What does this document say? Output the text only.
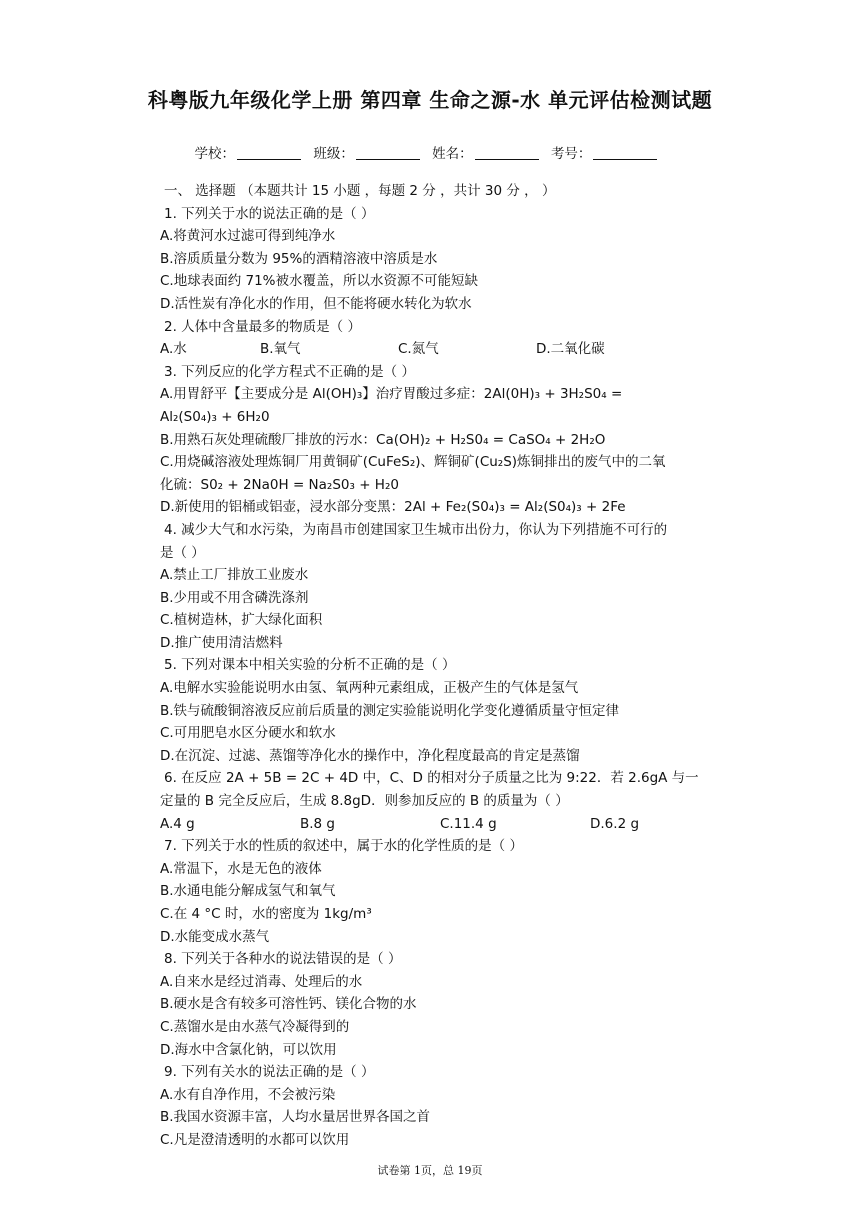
科粤版九年级化学上册 第四章 生命之源-水 单元评估检测试题
学校：	班级：	姓名：	考号：
一、 选择题 （本题共计 15 小题 ，每题 2 分 ，共计 30 分 ， ）
1. 下列关于水的说法正确的是（ ）
A.将黄河水过滤可得到纯净水
B.溶质质量分数为 95%的酒精溶液中溶质是水
C.地球表面约 71%被水覆盖，所以水资源不可能短缺
D.活性炭有净化水的作用，但不能将硬水转化为软水
2. 人体中含量最多的物质是（ ）
A.水	B.氧气	C.氮气	D.二氧化碳
3. 下列反应的化学方程式不正确的是（ ）
A.用胃舒平【主要成分是 Al(OH)₃】治疗胃酸过多症：2Al(0H)₃ + 3H₂S0₄ =
Al₂(S0₄)₃ + 6H₂0
B.用熟石灰处理硫酸厂排放的污水：Ca(OH)₂ + H₂S0₄ = CaSO₄ + 2H₂O
C.用烧碱溶液处理炼铜厂用黄铜矿(CuFeS₂)、辉铜矿(Cu₂S)炼铜排出的废气中的二氧
化硫：S0₂ + 2Na0H = Na₂S0₃ + H₂0
D.新使用的铝桶或铝壶，浸水部分变黑：2Al + Fe₂(S0₄)₃ = Al₂(S0₄)₃ + 2Fe
4. 减少大气和水污染，为南昌市创建国家卫生城市出份力，你认为下列措施不可行的
是（ ）
A.禁止工厂排放工业废水
B.少用或不用含磷洗涤剂
C.植树造林，扩大绿化面积
D.推广使用清洁燃料
5. 下列对课本中相关实验的分析不正确的是（ ）
A.电解水实验能说明水由氢、氧两种元素组成，正极产生的气体是氢气
B.铁与硫酸铜溶液反应前后质量的测定实验能说明化学变化遵循质量守恒定律
C.可用肥皂水区分硬水和软水
D.在沉淀、过滤、蒸馏等净化水的操作中，净化程度最高的肯定是蒸馏
6. 在反应 2A + 5B = 2C + 4D 中，C、D 的相对分子质量之比为 9:22．若 2.6gA 与一
定量的 B 完全反应后，生成 8.8gD．则参加反应的 B 的质量为（ ）
A.4 g	B.8 g	C.11.4 g	D.6.2 g
7. 下列关于水的性质的叙述中，属于水的化学性质的是（ ）
A.常温下，水是无色的液体
B.水通电能分解成氢气和氧气
C.在 4 °C 时，水的密度为 1kg/m³
D.水能变成水蒸气
8. 下列关于各种水的说法错误的是（ ）
A.自来水是经过消毒、处理后的水
B.硬水是含有较多可溶性钙、镁化合物的水
C.蒸馏水是由水蒸气冷凝得到的
D.海水中含氯化钠，可以饮用
9. 下列有关水的说法正确的是（ ）
A.水有自净作用，不会被污染
B.我国水资源丰富，人均水量居世界各国之首
C.凡是澄清透明的水都可以饮用
试卷第 1页，总 19页
